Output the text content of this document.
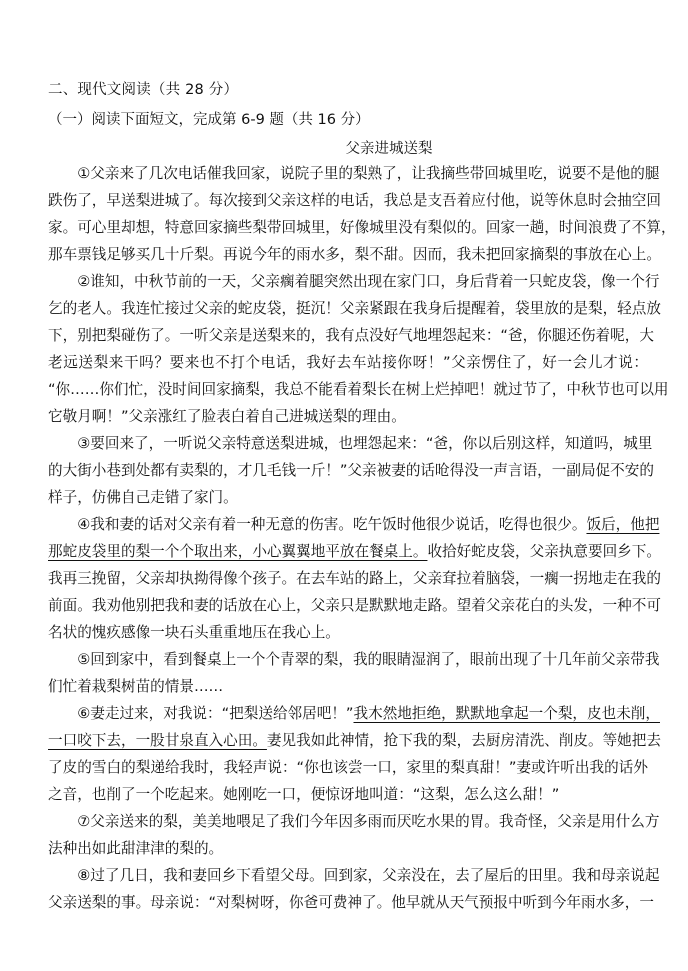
二、现代文阅读（共 28 分）
（一）阅读下面短文，完成第 6-9 题（共 16 分）
父亲进城送梨
　　①父亲来了几次电话催我回家，说院子里的梨熟了，让我摘些带回城里吃，说要不是他的腿
跌伤了，早送梨进城了。每次接到父亲这样的电话，我总是支吾着应付他，说等休息时会抽空回
家。可心里却想，特意回家摘些梨带回城里，好像城里没有梨似的。回家一趟，时间浪费了不算，
那车票钱足够买几十斤梨。再说今年的雨水多，梨不甜。因而，我未把回家摘梨的事放在心上。
　　②谁知，中秋节前的一天，父亲瘸着腿突然出现在家门口，身后背着一只蛇皮袋，像一个行
乞的老人。我连忙接过父亲的蛇皮袋，挺沉！父亲紧跟在我身后提醒着，袋里放的是梨，轻点放
下，别把梨碰伤了。一听父亲是送梨来的，我有点没好气地埋怨起来：“爸，你腿还伤着呢，大
老远送梨来干吗？要来也不打个电话，我好去车站接你呀！”父亲愣住了，好一会儿才说：
“你……你们忙，没时间回家摘梨，我总不能看着梨长在树上烂掉吧！就过节了，中秋节也可以用
它敬月啊！”父亲涨红了脸表白着自己进城送梨的理由。
　　③要回来了，一听说父亲特意送梨进城，也埋怨起来：“爸，你以后别这样，知道吗，城里
的大街小巷到处都有卖梨的，才几毛钱一斤！”父亲被妻的话呛得没一声言语，一副局促不安的
样子，仿佛自己走错了家门。
　　④我和妻的话对父亲有着一种无意的伤害。吃午饭时他很少说话，吃得也很少。饭后，他把
那蛇皮袋里的梨一个个取出来，小心翼翼地平放在餐桌上。收拾好蛇皮袋，父亲执意要回乡下。
我再三挽留，父亲却执拗得像个孩子。在去车站的路上，父亲耷拉着脑袋，一瘸一拐地走在我的
前面。我劝他别把我和妻的话放在心上，父亲只是默默地走路。望着父亲花白的头发，一种不可
名状的愧疚感像一块石头重重地压在我心上。
　　⑤回到家中，看到餐桌上一个个青翠的梨，我的眼睛湿润了，眼前出现了十几年前父亲带我
们忙着栽梨树苗的情景……
　　⑥妻走过来，对我说：“把梨送给邻居吧！”我木然地拒绝，默默地拿起一个梨，皮也未削，
一口咬下去，一股甘泉直入心田。妻见我如此神情，抢下我的梨，去厨房清洗、削皮。等她把去
了皮的雪白的梨递给我时，我轻声说：“你也该尝一口，家里的梨真甜！”妻或许听出我的话外
之音，也削了一个吃起来。她刚吃一口，便惊讶地叫道：“这梨，怎么这么甜！”
　　⑦父亲送来的梨，美美地喂足了我们今年因多雨而厌吃水果的胃。我奇怪，父亲是用什么方
法种出如此甜津津的梨的。
　　⑧过了几日，我和妻回乡下看望父母。回到家，父亲没在，去了屋后的田里。我和母亲说起
父亲送梨的事。母亲说：“对梨树呀，你爸可费神了。他早就从天气预报中听到今年雨水多，一
